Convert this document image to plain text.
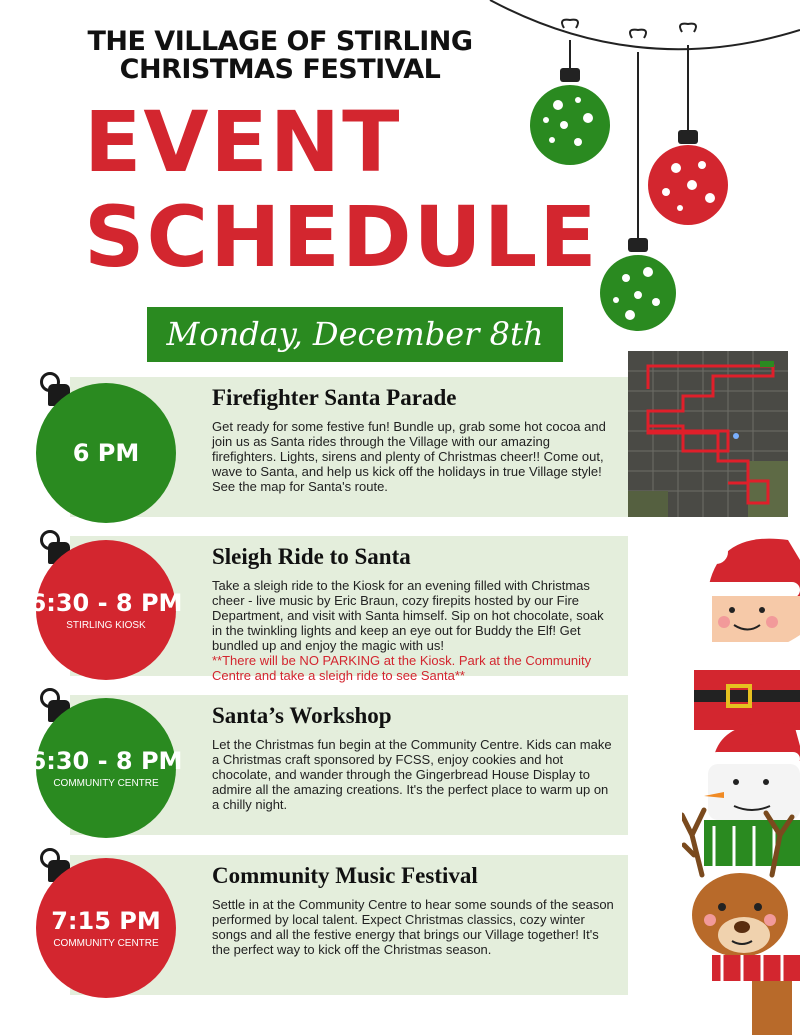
THE VILLAGE OF STIRLING
CHRISTMAS FESTIVAL
EVENT
SCHEDULE
Monday, December 8th
Firefighter Santa Parade
Get ready for some festive fun! Bundle up, grab some hot cocoa and join us as Santa rides through the Village with our amazing firefighters. Lights, sirens and plenty of Christmas cheer!! Come out, wave to Santa, and help us kick off the holidays in true Village style! See the map for Santa's route.
6 PM
Sleigh Ride to Santa
Take a sleigh ride to the Kiosk for an evening filled with Christmas cheer - live music by Eric Braun, cozy firepits hosted by our Fire Department, and visit with Santa himself. Sip on hot chocolate, soak in the twinkling lights and keep an eye out for Buddy the Elf! Get bundled up and enjoy the magic with us!
**There will be NO PARKING at the Kiosk. Park at the Community Centre and take a sleigh ride to see Santa**
6:30 - 8 PM
STIRLING KIOSK
Santa’s Workshop
Let the Christmas fun begin at the Community Centre. Kids can make a Christmas craft sponsored by FCSS, enjoy cookies and hot chocolate, and wander through the Gingerbread House Display to admire all the amazing creations. It's the perfect place to warm up on a chilly night.
6:30 - 8 PM
COMMUNITY CENTRE
Community Music Festival
Settle in at the Community Centre to hear some sounds of the season performed by local talent. Expect Christmas classics, cozy winter songs and all the festive energy that brings our Village together! It's the perfect way to kick off the Christmas season.
7:15 PM
COMMUNITY CENTRE
